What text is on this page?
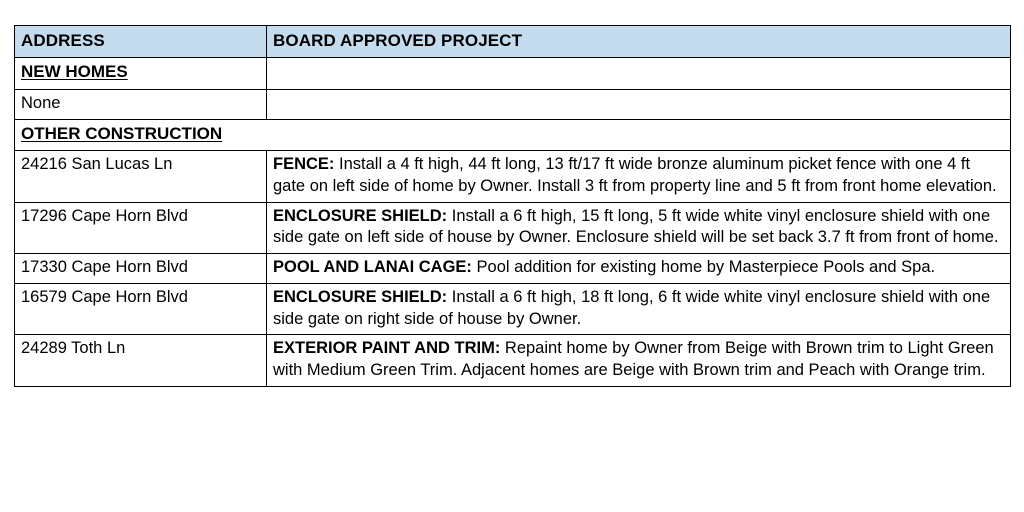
ADDRESS	BOARD APPROVED PROJECT
NEW HOMES	
None	
OTHER CONSTRUCTION	
24216 San Lucas Ln	FENCE: Install a 4 ft high, 44 ft long, 13 ft/17 ft wide bronze aluminum picket fence with one 4 ft gate on left side of home by Owner. Install 3 ft from property line and 5 ft from front home elevation.
17296 Cape Horn Blvd	ENCLOSURE SHIELD: Install a 6 ft high, 15 ft long, 5 ft wide white vinyl enclosure shield with one side gate on left side of house by Owner. Enclosure shield will be set back 3.7 ft from front of home.
17330 Cape Horn Blvd	POOL AND LANAI CAGE: Pool addition for existing home by Masterpiece Pools and Spa.
16579 Cape Horn Blvd	ENCLOSURE SHIELD: Install a 6 ft high, 18 ft long, 6 ft wide white vinyl enclosure shield with one side gate on right side of house by Owner.
24289 Toth Ln	EXTERIOR PAINT AND TRIM: Repaint home by Owner from Beige with Brown trim to Light Green with Medium Green Trim. Adjacent homes are Beige with Brown trim and Peach with Orange trim.
